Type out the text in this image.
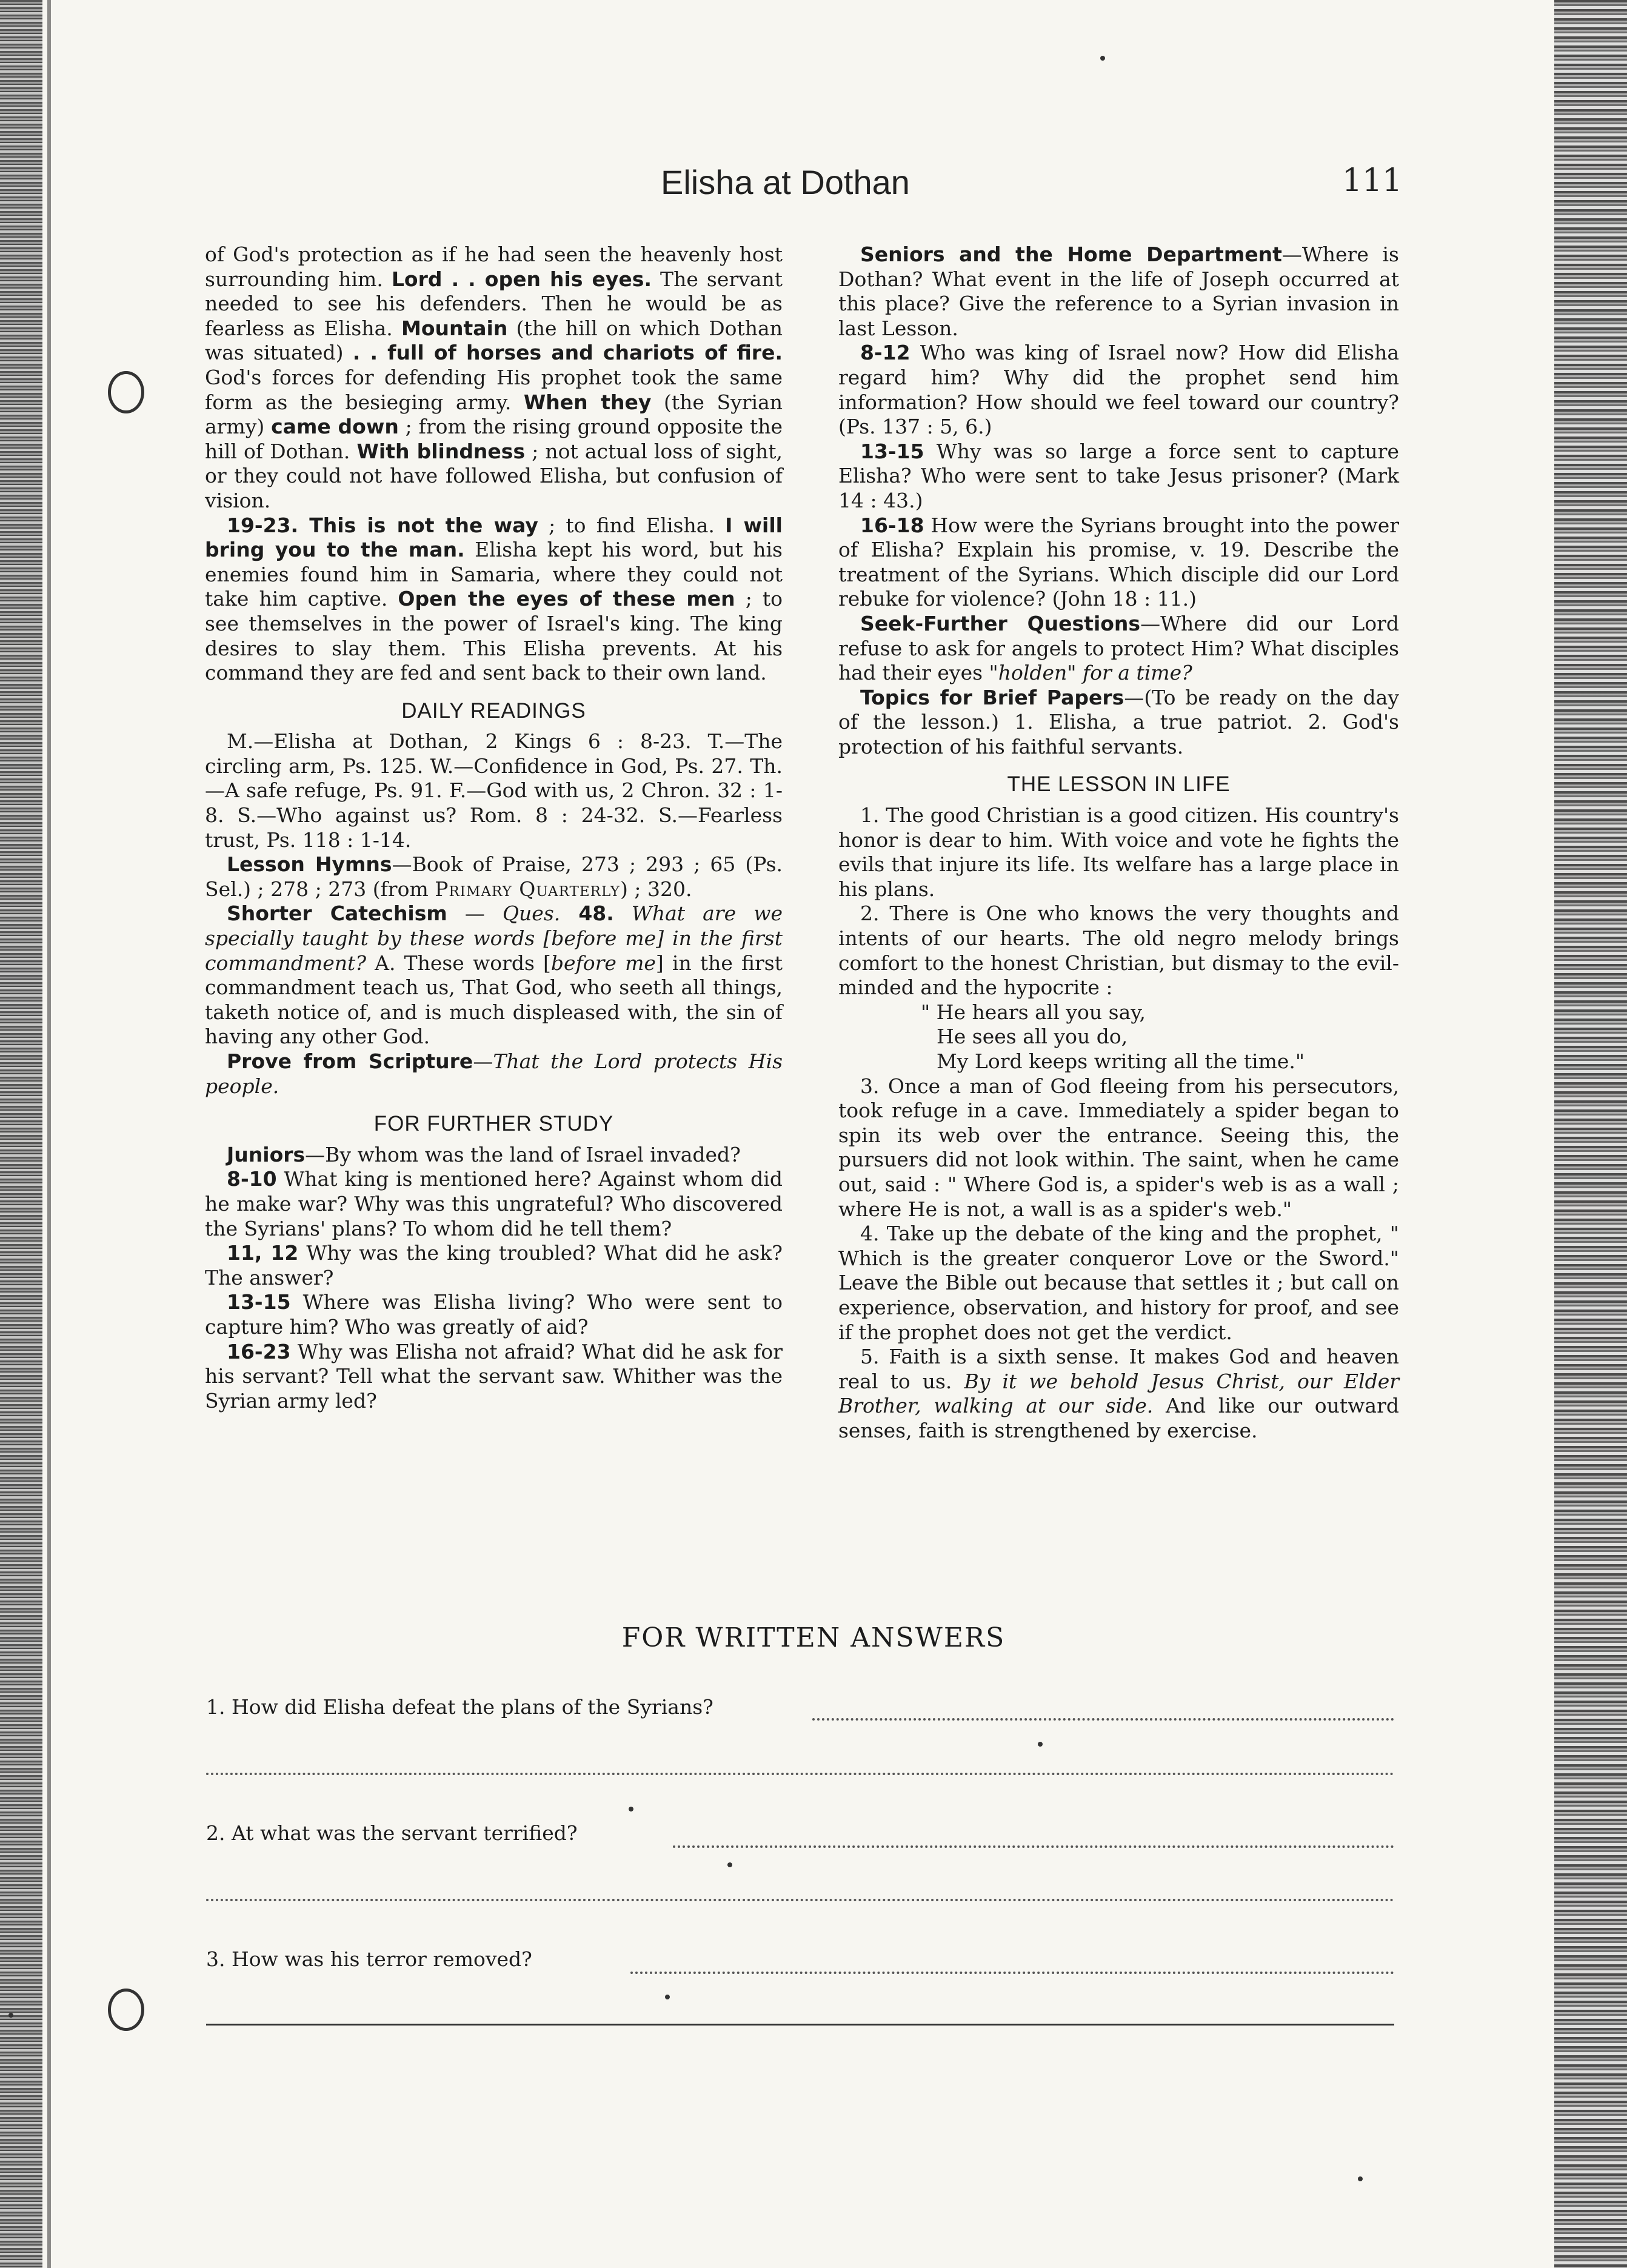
Elisha at Dothan	111

of God's protection as if he had seen the heavenly host surrounding him. Lord . . open his eyes. The servant needed to see his defenders. Then he would be as fearless as Elisha. Mountain (the hill on which Dothan was situated) . . full of horses and chariots of fire. God's forces for defending His prophet took the same form as the besieging army. When they (the Syrian army) came down ; from the rising ground opposite the hill of Dothan. With blindness ; not actual loss of sight, or they could not have followed Elisha, but confusion of vision.

19-23. This is not the way ; to find Elisha. I will bring you to the man. Elisha kept his word, but his enemies found him in Samaria, where they could not take him captive. Open the eyes of these men ; to see themselves in the power of Israel's king. The king desires to slay them. This Elisha prevents. At his command they are fed and sent back to their own land.

DAILY READINGS

M.—Elisha at Dothan, 2 Kings 6 : 8-23. T.—The circling arm, Ps. 125. W.—Confidence in God, Ps. 27. Th.—A safe refuge, Ps. 91. F.—God with us, 2 Chron. 32 : 1-8. S.—Who against us? Rom. 8 : 24-32. S.—Fearless trust, Ps. 118 : 1-14.

Lesson Hymns—Book of Praise, 273 ; 293 ; 65 (Ps. Sel.) ; 278 ; 273 (from Primary Quarterly) ; 320.

Shorter Catechism — Ques. 48. What are we specially taught by these words [before me] in the first commandment? A. These words [before me] in the first commandment teach us, That God, who seeth all things, taketh notice of, and is much displeased with, the sin of having any other God.

Prove from Scripture—That the Lord protects His people.

FOR FURTHER STUDY

Juniors—By whom was the land of Israel invaded?

8-10 What king is mentioned here? Against whom did he make war? Why was this ungrateful? Who discovered the Syrians' plans? To whom did he tell them?

11, 12 Why was the king troubled? What did he ask? The answer?

13-15 Where was Elisha living? Who were sent to capture him? Who was greatly of aid?

16-23 Why was Elisha not afraid? What did he ask for his servant? Tell what the servant saw. Whither was the Syrian army led?

Seniors and the Home Department—Where is Dothan? What event in the life of Joseph occurred at this place? Give the reference to a Syrian invasion in last Lesson.

8-12 Who was king of Israel now? How did Elisha regard him? Why did the prophet send him information? How should we feel toward our country? (Ps. 137 : 5, 6.)

13-15 Why was so large a force sent to capture Elisha? Who were sent to take Jesus prisoner? (Mark 14 : 43.)

16-18 How were the Syrians brought into the power of Elisha? Explain his promise, v. 19. Describe the treatment of the Syrians. Which disciple did our Lord rebuke for violence? (John 18 : 11.)

Seek-Further Questions—Where did our Lord refuse to ask for angels to protect Him? What disciples had their eyes "holden" for a time?

Topics for Brief Papers—(To be ready on the day of the lesson.) 1. Elisha, a true patriot. 2. God's protection of his faithful servants.

THE LESSON IN LIFE

1. The good Christian is a good citizen. His country's honor is dear to him. With voice and vote he fights the evils that injure its life. Its welfare has a large place in his plans.

2. There is One who knows the very thoughts and intents of our hearts. The old negro melody brings comfort to the honest Christian, but dismay to the evil-minded and the hypocrite :

" He hears all you say,

He sees all you do,

My Lord keeps writing all the time."

3. Once a man of God fleeing from his persecutors, took refuge in a cave. Immediately a spider began to spin its web over the entrance. Seeing this, the pursuers did not look within. The saint, when he came out, said : " Where God is, a spider's web is as a wall ; where He is not, a wall is as a spider's web."

4. Take up the debate of the king and the prophet, " Which is the greater conqueror Love or the Sword." Leave the Bible out because that settles it ; but call on experience, observation, and history for proof, and see if the prophet does not get the verdict.

5. Faith is a sixth sense. It makes God and heaven real to us. By it we behold Jesus Christ, our Elder Brother, walking at our side. And like our outward senses, faith is strengthened by exercise.

FOR WRITTEN ANSWERS
1. How did Elisha defeat the plans of the Syrians?
2. At what was the servant terrified?
3. How was his terror removed?
